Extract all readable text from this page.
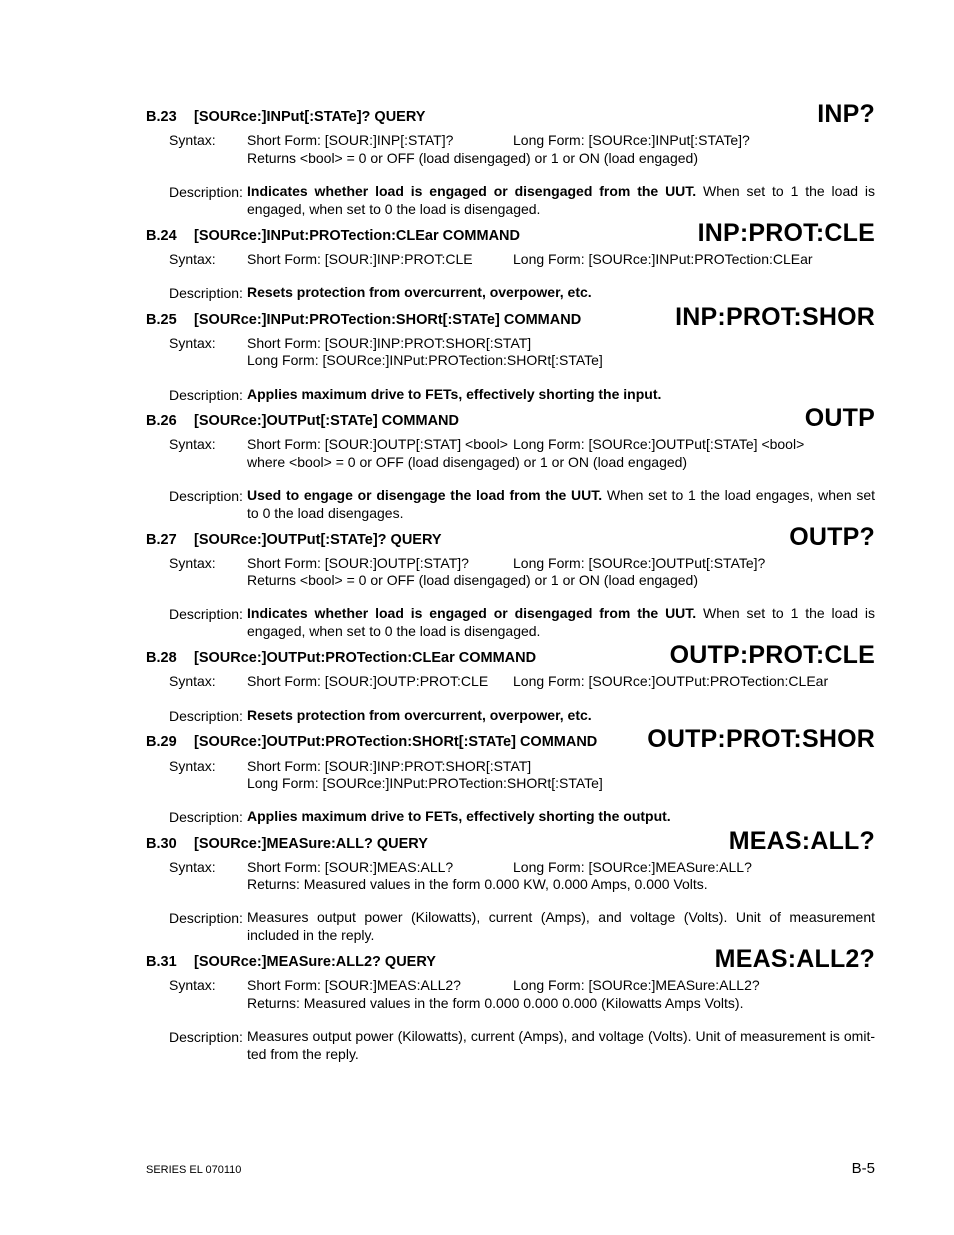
B.23 [SOURce:]INPut[:STATe]? QUERY	INP?
Syntax: Short Form: [SOUR:]INP[:STAT]?	Long Form: [SOURce:]INPut[:STATe]?
Returns <bool> = 0 or OFF (load disengaged) or 1 or ON (load engaged)
Description: Indicates whether load is engaged or disengaged from the UUT. When set to 1 the load is engaged, when set to 0 the load is disengaged.
B.24 [SOURce:]INPut:PROTection:CLEar COMMAND	INP:PROT:CLE
Syntax: Short Form: [SOUR:]INP:PROT:CLE	Long Form: [SOURce:]INPut:PROTection:CLEar
Description: Resets protection from overcurrent, overpower, etc.
B.25 [SOURce:]INPut:PROTection:SHORt[:STATe] COMMAND	INP:PROT:SHOR
Syntax: Short Form: [SOUR:]INP:PROT:SHOR[:STAT]
Long Form: [SOURce:]INPut:PROTection:SHORt[:STATe]
Description: Applies maximum drive to FETs, effectively shorting the input.
B.26 [SOURce:]OUTPut[:STATe] COMMAND	OUTP
Syntax: Short Form: [SOUR:]OUTP[:STAT] <bool> Long Form: [SOURce:]OUTPut[:STATe] <bool>
where <bool> = 0 or OFF (load disengaged) or 1 or ON (load engaged)
Description: Used to engage or disengage the load from the UUT. When set to 1 the load engages, when set to 0 the load disengages.
B.27 [SOURce:]OUTPut[:STATe]? QUERY	OUTP?
Syntax: Short Form: [SOUR:]OUTP[:STAT]?	Long Form: [SOURce:]OUTPut[:STATe]?
Returns <bool> = 0 or OFF (load disengaged) or 1 or ON (load engaged)
Description: Indicates whether load is engaged or disengaged from the UUT. When set to 1 the load is engaged, when set to 0 the load is disengaged.
B.28 [SOURce:]OUTPut:PROTection:CLEar COMMAND	OUTP:PROT:CLE
Syntax: Short Form: [SOUR:]OUTP:PROT:CLE Long Form: [SOURce:]OUTPut:PROTection:CLEar
Description: Resets protection from overcurrent, overpower, etc.
B.29 [SOURce:]OUTPut:PROTection:SHORt[:STATe] COMMAND OUTP:PROT:SHOR
Syntax: Short Form: [SOUR:]INP:PROT:SHOR[:STAT]
Long Form: [SOURce:]INPut:PROTection:SHORt[:STATe]
Description: Applies maximum drive to FETs, effectively shorting the output.
B.30 [SOURce:]MEASure:ALL? QUERY	MEAS:ALL?
Syntax: Short Form: [SOUR:]MEAS:ALL?	Long Form: [SOURce:]MEASure:ALL?
Returns: Measured values in the form 0.000 KW, 0.000 Amps, 0.000 Volts.
Description: Measures output power (Kilowatts), current (Amps), and voltage (Volts). Unit of measurement included in the reply.
B.31 [SOURce:]MEASure:ALL2? QUERY	MEAS:ALL2?
Syntax: Short Form: [SOUR:]MEAS:ALL2?	Long Form: [SOURce:]MEASure:ALL2?
Returns: Measured values in the form 0.000 0.000 0.000 (Kilowatts Amps Volts).
Description: Measures output power (Kilowatts), current (Amps), and voltage (Volts). Unit of measurement is omit-ted from the reply.
SERIES EL 070110	B-5
